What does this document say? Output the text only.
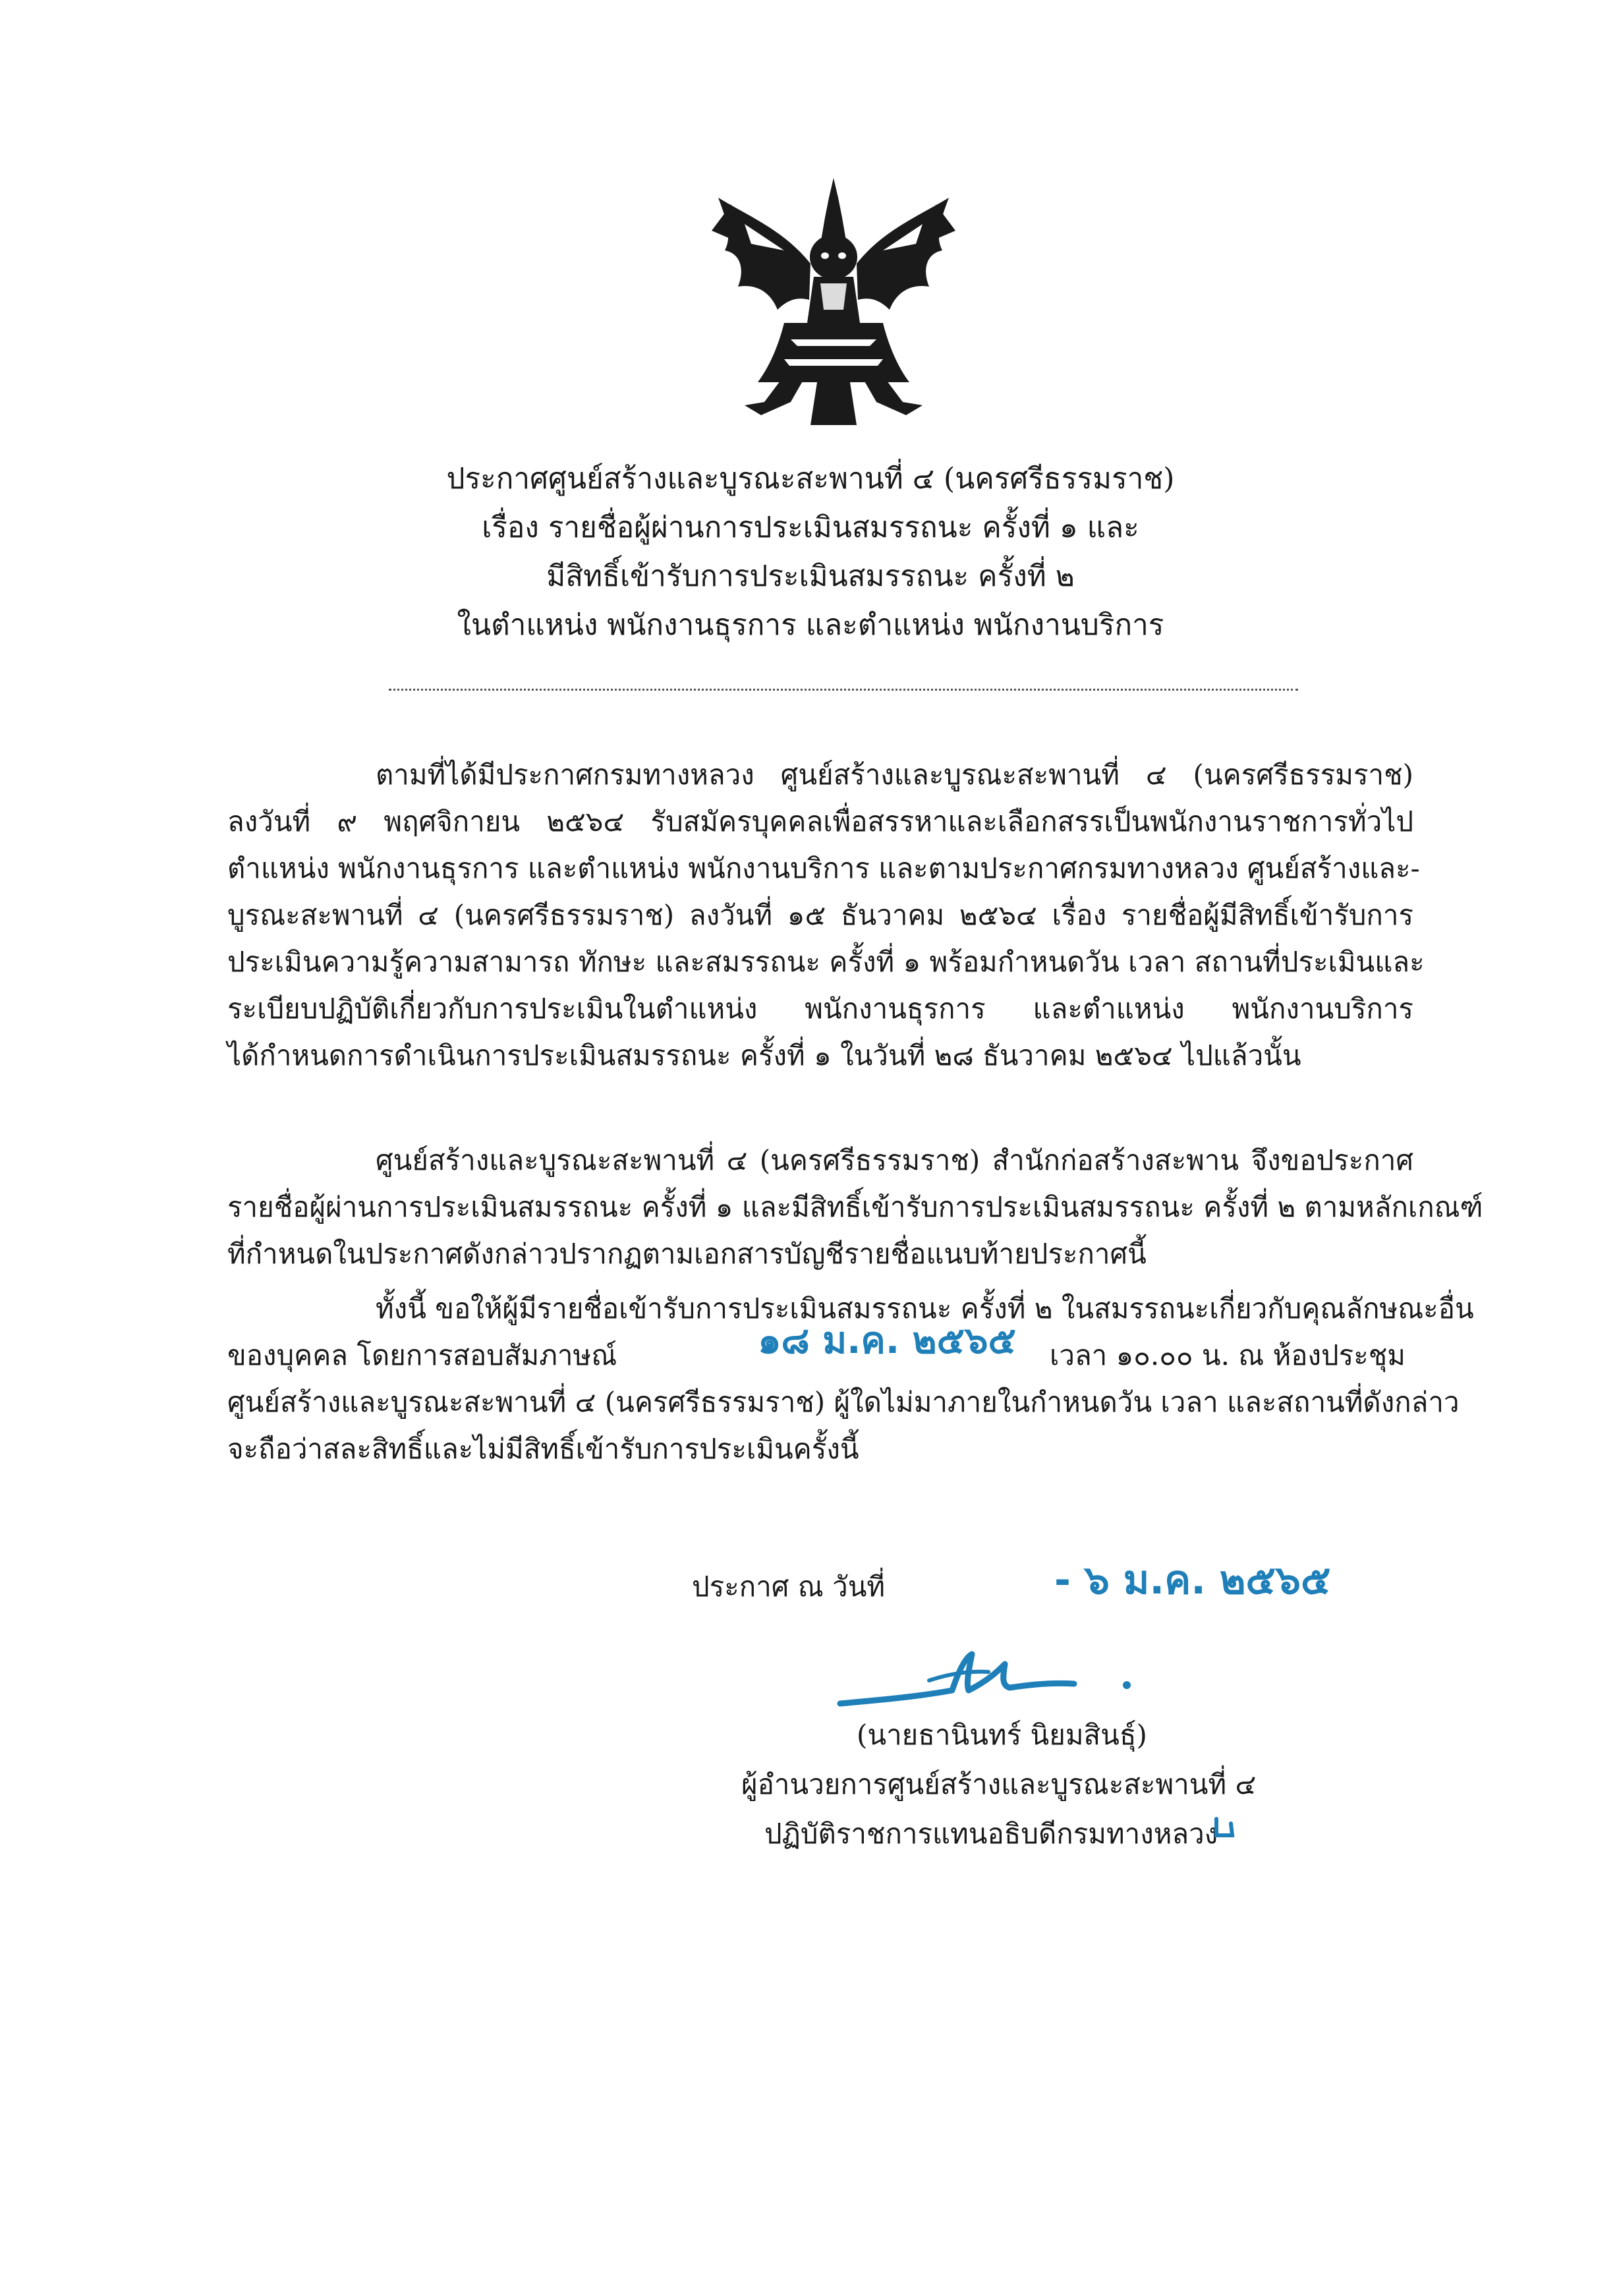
ประกาศศูนย์สร้างและบูรณะสะพานที่ ๔ (นครศรีธรรมราช)
เรื่อง รายชื่อผู้ผ่านการประเมินสมรรถนะ ครั้งที่ ๑ และ
มีสิทธิ์เข้ารับการประเมินสมรรถนะ ครั้งที่ ๒
ในตำแหน่ง พนักงานธุรการ และตำแหน่ง พนักงานบริการ
ตามที่ได้มีประกาศกรมทางหลวง ศูนย์สร้างและบูรณะสะพานที่ ๔ (นครศรีธรรมราช)
ลงวันที่ ๙ พฤศจิกายน ๒๕๖๔ รับสมัครบุคคลเพื่อสรรหาและเลือกสรรเป็นพนักงานราชการทั่วไป
ตำแหน่ง พนักงานธุรการ และตำแหน่ง พนักงานบริการ และตามประกาศกรมทางหลวง ศูนย์สร้างและ-
บูรณะสะพานที่ ๔ (นครศรีธรรมราช) ลงวันที่ ๑๕ ธันวาคม ๒๕๖๔ เรื่อง รายชื่อผู้มีสิทธิ์เข้ารับการ
ประเมินความรู้ความสามารถ ทักษะ และสมรรถนะ ครั้งที่ ๑ พร้อมกำหนดวัน เวลา สถานที่ประเมินและ
ระเบียบปฏิบัติเกี่ยวกับการประเมินในตำแหน่ง พนักงานธุรการ และตำแหน่ง พนักงานบริการ
ได้กำหนดการดำเนินการประเมินสมรรถนะ ครั้งที่ ๑ ในวันที่ ๒๘ ธันวาคม ๒๕๖๔ ไปแล้วนั้น
ศูนย์สร้างและบูรณะสะพานที่ ๔ (นครศรีธรรมราช) สำนักก่อสร้างสะพาน จึงขอประกาศ
รายชื่อผู้ผ่านการประเมินสมรรถนะ ครั้งที่ ๑ และมีสิทธิ์เข้ารับการประเมินสมรรถนะ ครั้งที่ ๒ ตามหลักเกณฑ์
ที่กำหนดในประกาศดังกล่าวปรากฏตามเอกสารบัญชีรายชื่อแนบท้ายประกาศนี้
ทั้งนี้ ขอให้ผู้มีรายชื่อเข้ารับการประเมินสมรรถนะ ครั้งที่ ๒ ในสมรรถนะเกี่ยวกับคุณลักษณะอื่น
ของบุคคล โดยการสอบสัมภาษณ์	๑๘ ม.ค. ๒๕๖๕ เวลา ๑๐.๐๐ น. ณ ห้องประชุม
ศูนย์สร้างและบูรณะสะพานที่ ๔ (นครศรีธรรมราช) ผู้ใดไม่มาภายในกำหนดวัน เวลา และสถานที่ดังกล่าว
จะถือว่าสละสิทธิ์และไม่มีสิทธิ์เข้ารับการประเมินครั้งนี้
ประกาศ ณ วันที่	- ๖ ม.ค. ๒๕๖๕
(นายธานินทร์ นิยมสินธุ์)
ผู้อำนวยการศูนย์สร้างและบูรณะสะพานที่ ๔
ปฏิบัติราชการแทนอธิบดีกรมทางหลวง
